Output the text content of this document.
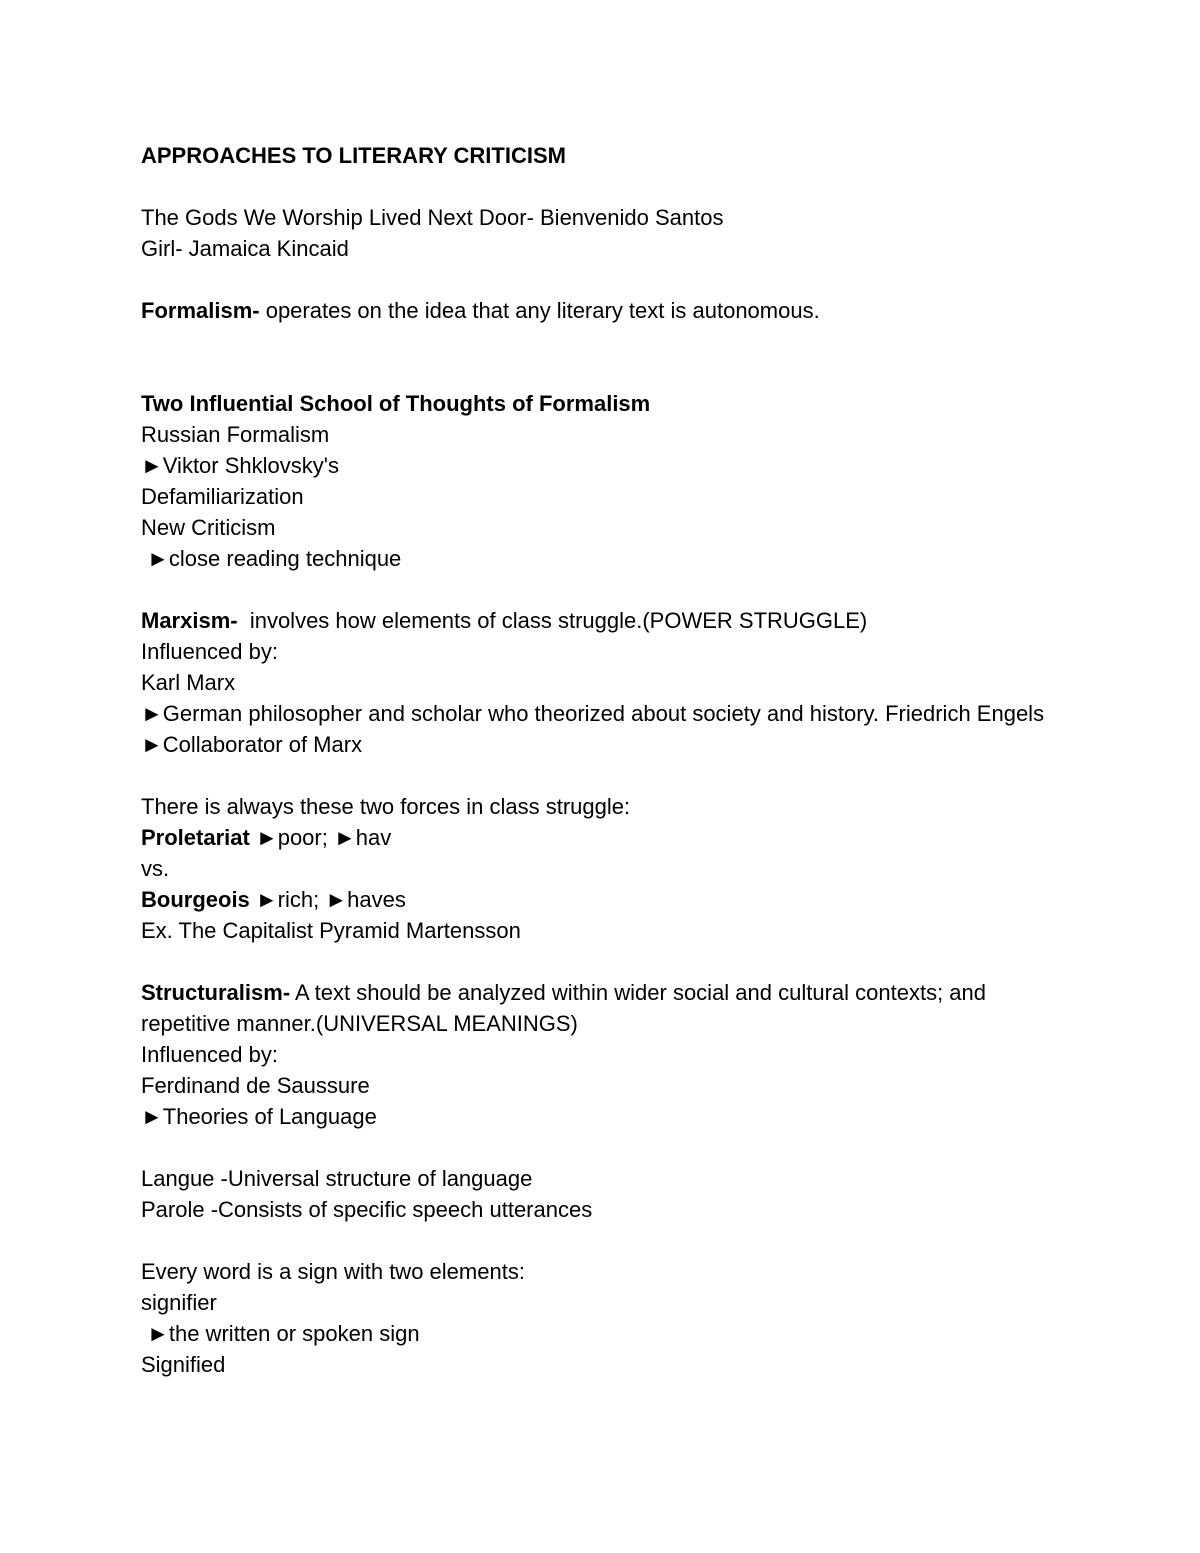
APPROACHES TO LITERARY CRITICISM
The Gods We Worship Lived Next Door- Bienvenido Santos
Girl- Jamaica Kincaid
Formalism- operates on the idea that any literary text is autonomous.
Two Influential School of Thoughts of Formalism
Russian Formalism
►Viktor Shklovsky's
Defamiliarization
New Criticism
►close reading technique
Marxism-  involves how elements of class struggle.(POWER STRUGGLE)
Influenced by:
Karl Marx
►German philosopher and scholar who theorized about society and history. Friedrich Engels
►Collaborator of Marx
There is always these two forces in class struggle:
Proletariat ►poor; ►hav
vs.
Bourgeois ►rich; ►haves
Ex. The Capitalist Pyramid Martensson
Structuralism- A text should be analyzed within wider social and cultural contexts; and repetitive manner.(UNIVERSAL MEANINGS)
Influenced by:
Ferdinand de Saussure
►Theories of Language
Langue -Universal structure of language
Parole -Consists of specific speech utterances
Every word is a sign with two elements:
signifier
►the written or spoken sign
Signified
